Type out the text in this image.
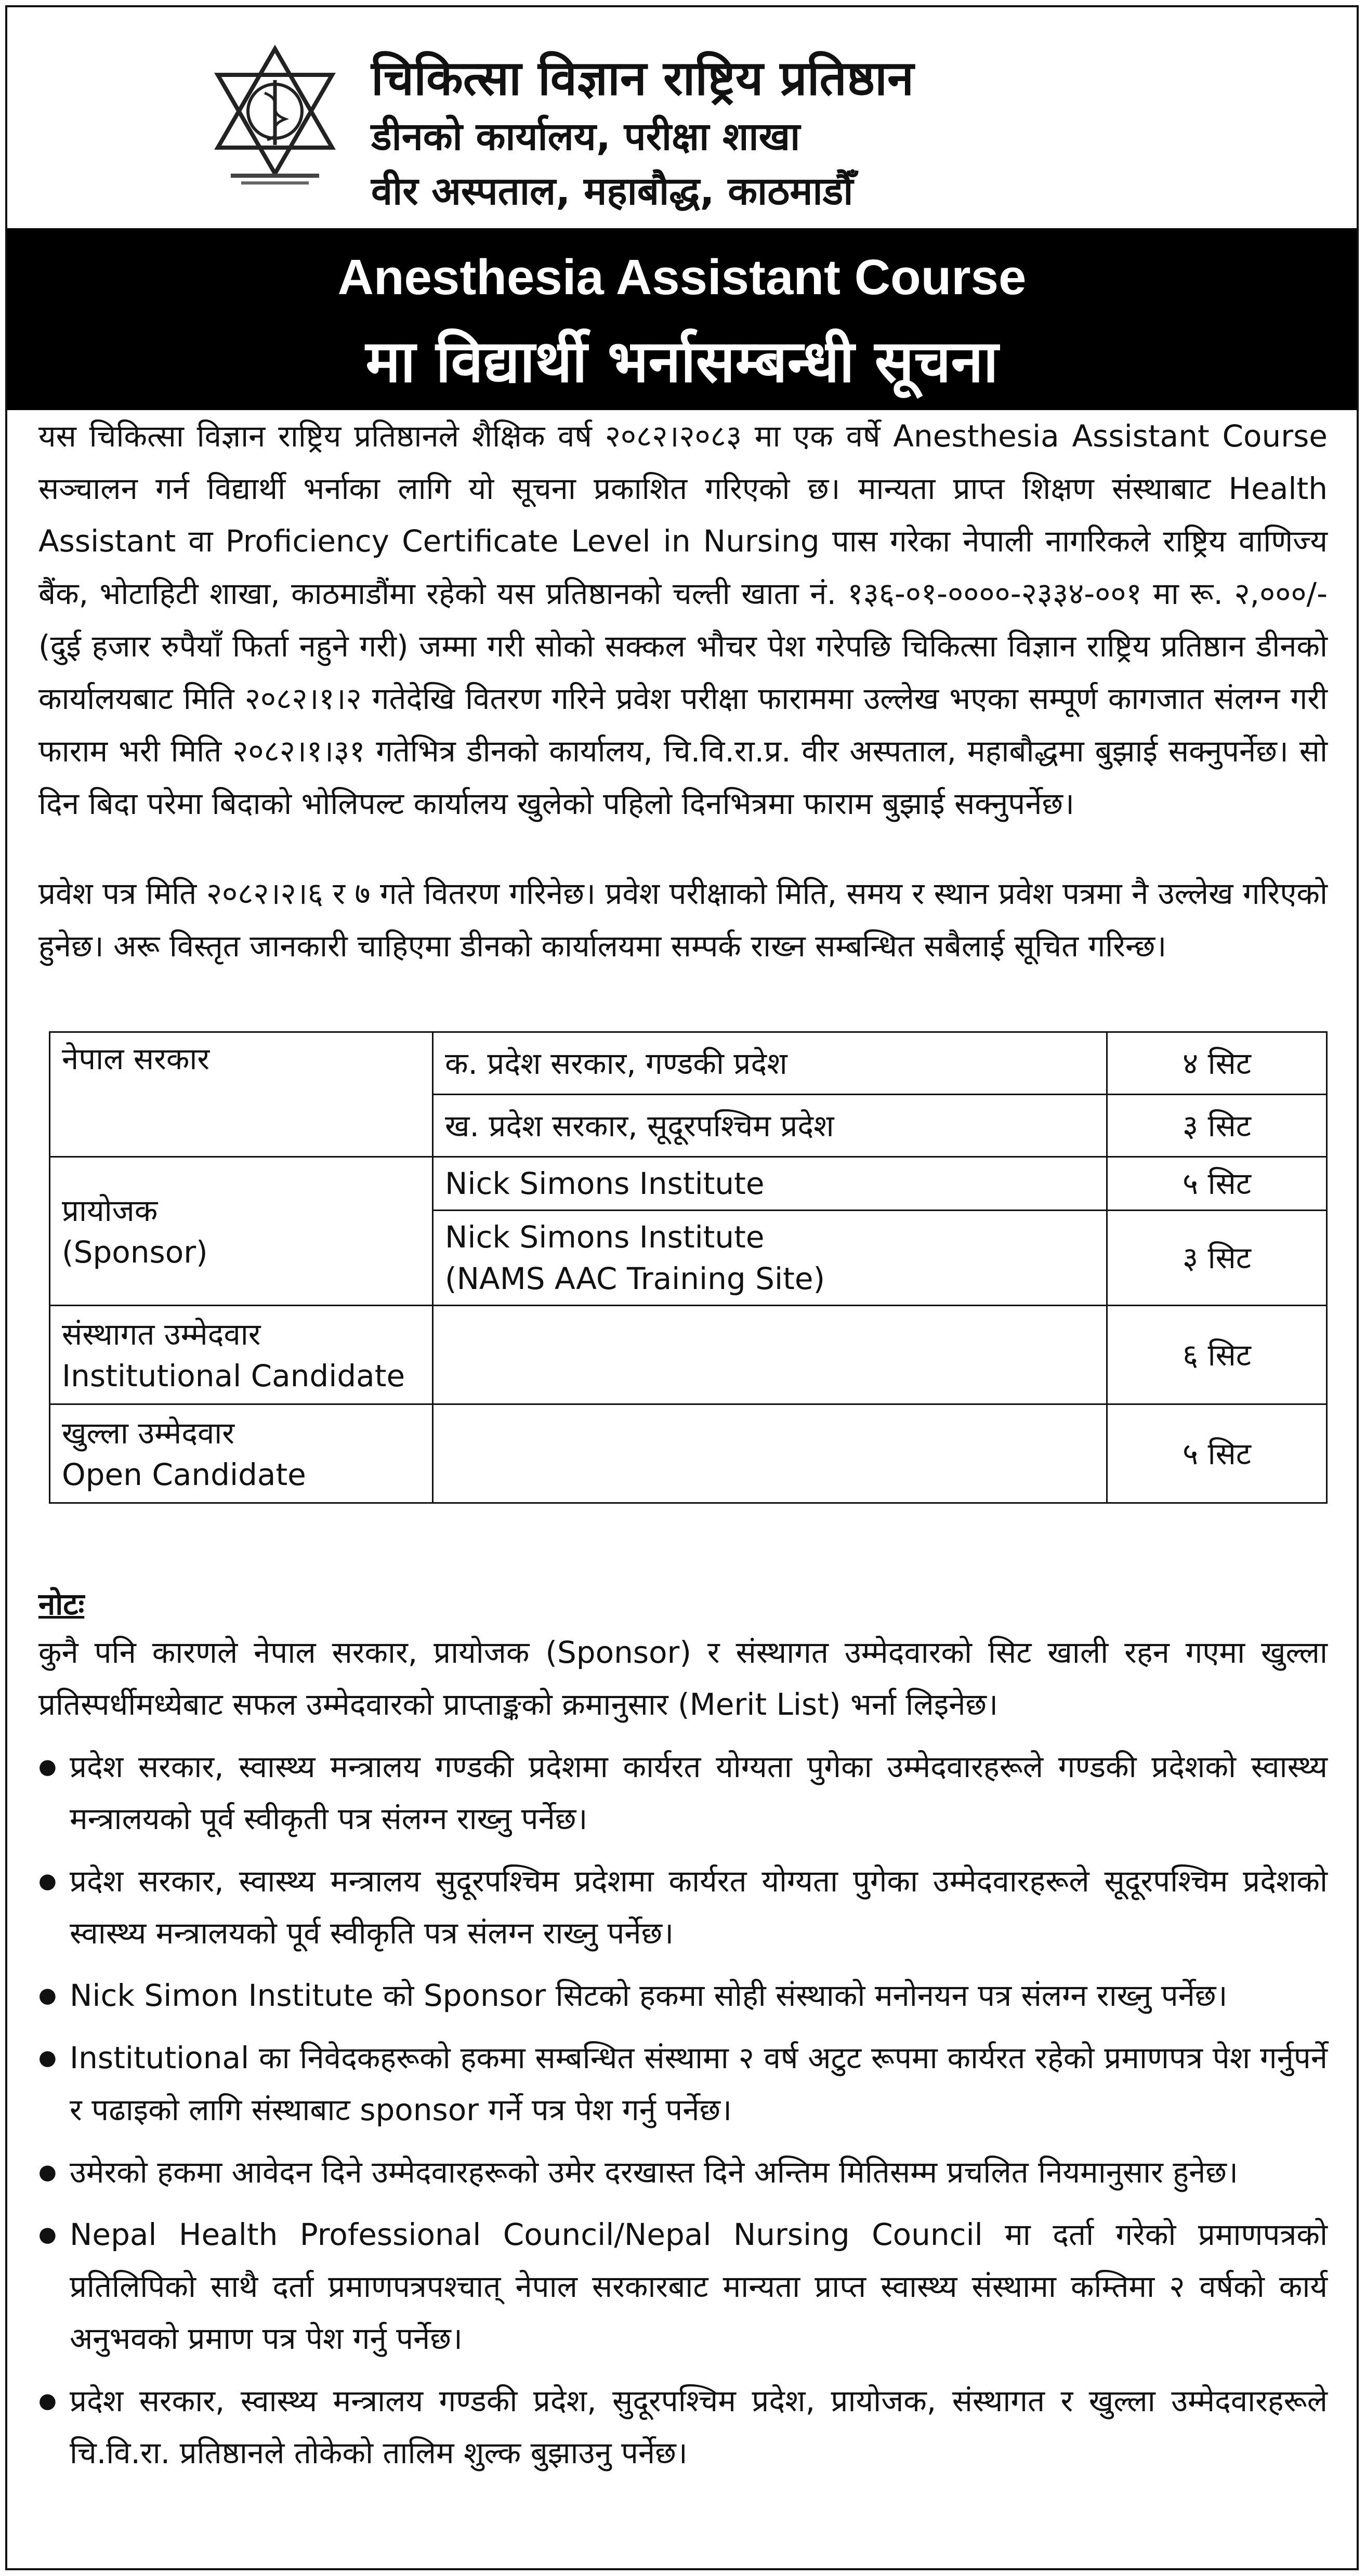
चिकित्सा विज्ञान राष्ट्रिय प्रतिष्ठान
डीनको कार्यालय, परीक्षा शाखा
वीर अस्पताल, महाबौद्ध, काठमाडौँ
Anesthesia Assistant Course
मा विद्यार्थी भर्नासम्बन्धी सूचना
यस चिकित्सा विज्ञान राष्ट्रिय प्रतिष्ठानले शैक्षिक वर्ष २०८२।२०८३ मा एक वर्षे Anesthesia Assistant Course सञ्चालन गर्न विद्यार्थी भर्नाका लागि यो सूचना प्रकाशित गरिएको छ। मान्यता प्राप्त शिक्षण संस्थाबाट Health Assistant वा Proficiency Certificate Level in Nursing पास गरेका नेपाली नागरिकले राष्ट्रिय वाणिज्य बैंक, भोटाहिटी शाखा, काठमाडौंमा रहेको यस प्रतिष्ठानको चल्ती खाता नं. १३६-०१-००००-२३३४-००१ मा रू. २,०००/- (दुई हजार रुपैयाँ फिर्ता नहुने गरी) जम्मा गरी सोको सक्कल भौचर पेश गरेपछि चिकित्सा विज्ञान राष्ट्रिय प्रतिष्ठान डीनको कार्यालयबाट मिति २०८२।१।२ गतेदेखि वितरण गरिने प्रवेश परीक्षा फाराममा उल्लेख भएका सम्पूर्ण कागजात संलग्न गरी फाराम भरी मिति २०८२।१।३१ गतेभित्र डीनको कार्यालय, चि.वि.रा.प्र. वीर अस्पताल, महाबौद्धमा बुझाई सक्नुपर्नेछ। सो दिन बिदा परेमा बिदाको भोलिपल्ट कार्यालय खुलेको पहिलो दिनभित्रमा फाराम बुझाई सक्नुपर्नेछ।
प्रवेश पत्र मिति २०८२।२।६ र ७ गते वितरण गरिनेछ। प्रवेश परीक्षाको मिति, समय र स्थान प्रवेश पत्रमा नै उल्लेख गरिएको हुनेछ। अरू विस्तृत जानकारी चाहिएमा डीनको कार्यालयमा सम्पर्क राख्न सम्बन्धित सबैलाई सूचित गरिन्छ।
नेपाल सरकार	क. प्रदेश सरकार, गण्डकी प्रदेश	४ सिट
	ख. प्रदेश सरकार, सूदूरपश्चिम प्रदेश	३ सिट

प्रायोजक
(Sponsor)	Nick Simons Institute	५ सिट

	Nick Simons Institute
(NAMS AAC Training Site)	३ सिट

संस्थागत उम्मेदवार
Institutional Candidate		६ सिट

खुल्ला उम्मेदवार
Open Candidate		५ सिट
नोटः
कुनै पनि कारणले नेपाल सरकार, प्रायोजक (Sponsor) र संस्थागत उम्मेदवारको सिट खाली रहन गएमा खुल्ला प्रतिस्पर्धीमध्येबाट सफल उम्मेदवारको प्राप्ताङ्कको क्रमानुसार (Merit List) भर्ना लिइनेछ।
● प्रदेश सरकार, स्वास्थ्य मन्त्रालय गण्डकी प्रदेशमा कार्यरत योग्यता पुगेका उम्मेदवारहरूले गण्डकी प्रदेशको स्वास्थ्य मन्त्रालयको पूर्व स्वीकृती पत्र संलग्न राख्नु पर्नेछ।
● प्रदेश सरकार, स्वास्थ्य मन्त्रालय सुदूरपश्चिम प्रदेशमा कार्यरत योग्यता पुगेका उम्मेदवारहरूले सूदूरपश्चिम प्रदेशको स्वास्थ्य मन्त्रालयको पूर्व स्वीकृति पत्र संलग्न राख्नु पर्नेछ।
● Nick Simon Institute को Sponsor सिटको हकमा सोही संस्थाको मनोनयन पत्र संलग्न राख्नु पर्नेछ।
● Institutional का निवेदकहरूको हकमा सम्बन्धित संस्थामा २ वर्ष अटुट रूपमा कार्यरत रहेको प्रमाणपत्र पेश गर्नुपर्ने र पढाइको लागि संस्थाबाट sponsor गर्ने पत्र पेश गर्नु पर्नेछ।
● उमेरको हकमा आवेदन दिने उम्मेदवारहरूको उमेर दरखास्त दिने अन्तिम मितिसम्म प्रचलित नियमानुसार हुनेछ।
● Nepal Health Professional Council/Nepal Nursing Council मा दर्ता गरेको प्रमाणपत्रको प्रतिलिपिको साथै दर्ता प्रमाणपत्रपश्चात् नेपाल सरकारबाट मान्यता प्राप्त स्वास्थ्य संस्थामा कम्तिमा २ वर्षको कार्य अनुभवको प्रमाण पत्र पेश गर्नु पर्नेछ।
● प्रदेश सरकार, स्वास्थ्य मन्त्रालय गण्डकी प्रदेश, सुदूरपश्चिम प्रदेश, प्रायोजक, संस्थागत र खुल्ला उम्मेदवारहरूले चि.वि.रा. प्रतिष्ठानले तोकेको तालिम शुल्क बुझाउनु पर्नेछ।
